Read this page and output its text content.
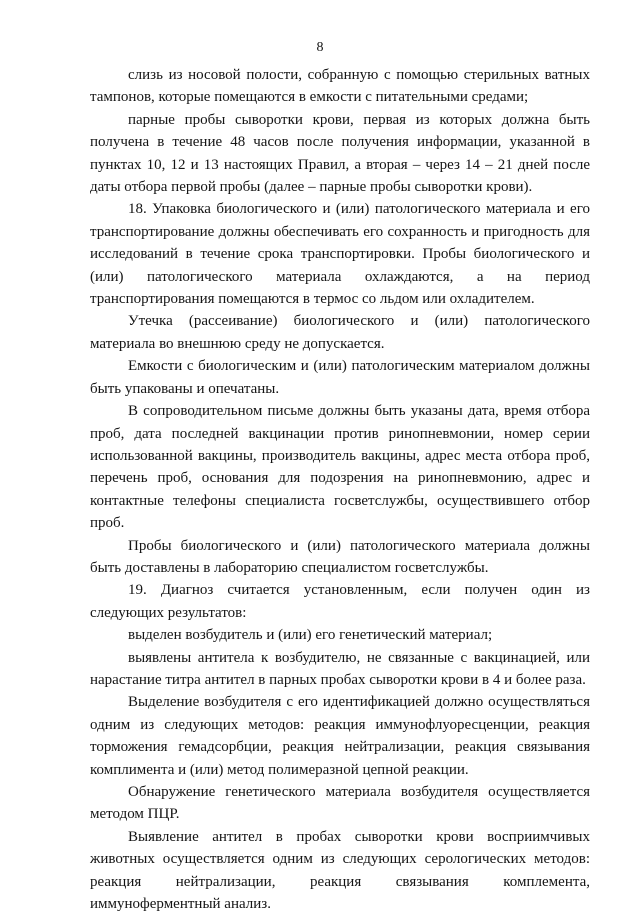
8

слизь из носовой полости, собранную с помощью стерильных ватных тампонов, которые помещаются в емкости с питательными средами;

парные пробы сыворотки крови, первая из которых должна быть получена в течение 48 часов после получения информации, указанной в пунктах 10, 12 и 13 настоящих Правил, а вторая – через 14 – 21 дней после даты отбора первой пробы (далее – парные пробы сыворотки крови).

18. Упаковка биологического и (или) патологического материала и его транспортирование должны обеспечивать его сохранность и пригодность для исследований в течение срока транспортировки. Пробы биологического и (или) патологического материала охлаждаются, а на период транспортирования помещаются в термос со льдом или охладителем.

Утечка (рассеивание) биологического и (или) патологического материала во внешнюю среду не допускается.

Емкости с биологическим и (или) патологическим материалом должны быть упакованы и опечатаны.

В сопроводительном письме должны быть указаны дата, время отбора проб, дата последней вакцинации против ринопневмонии, номер серии использованной вакцины, производитель вакцины, адрес места отбора проб, перечень проб, основания для подозрения на ринопневмонию, адрес и контактные телефоны специалиста госветслужбы, осуществившего отбор проб.

Пробы биологического и (или) патологического материала должны быть доставлены в лабораторию специалистом госветслужбы.

19. Диагноз считается установленным, если получен один из следующих результатов:

выделен возбудитель и (или) его генетический материал;

выявлены антитела к возбудителю, не связанные с вакцинацией, или нарастание титра антител в парных пробах сыворотки крови в 4 и более раза.

Выделение возбудителя с его идентификацией должно осуществляться одним из следующих методов: реакция иммунофлуоресценции, реакция торможения гемадсорбции, реакция нейтрализации, реакция связывания комплимента и (или) метод полимеразной цепной реакции.

Обнаружение генетического материала возбудителя осуществляется методом ПЦР.

Выявление антител в пробах сыворотки крови восприимчивых животных осуществляется одним из следующих серологических методов: реакция нейтрализации, реакция связывания комплемента, иммуноферментный анализ.
